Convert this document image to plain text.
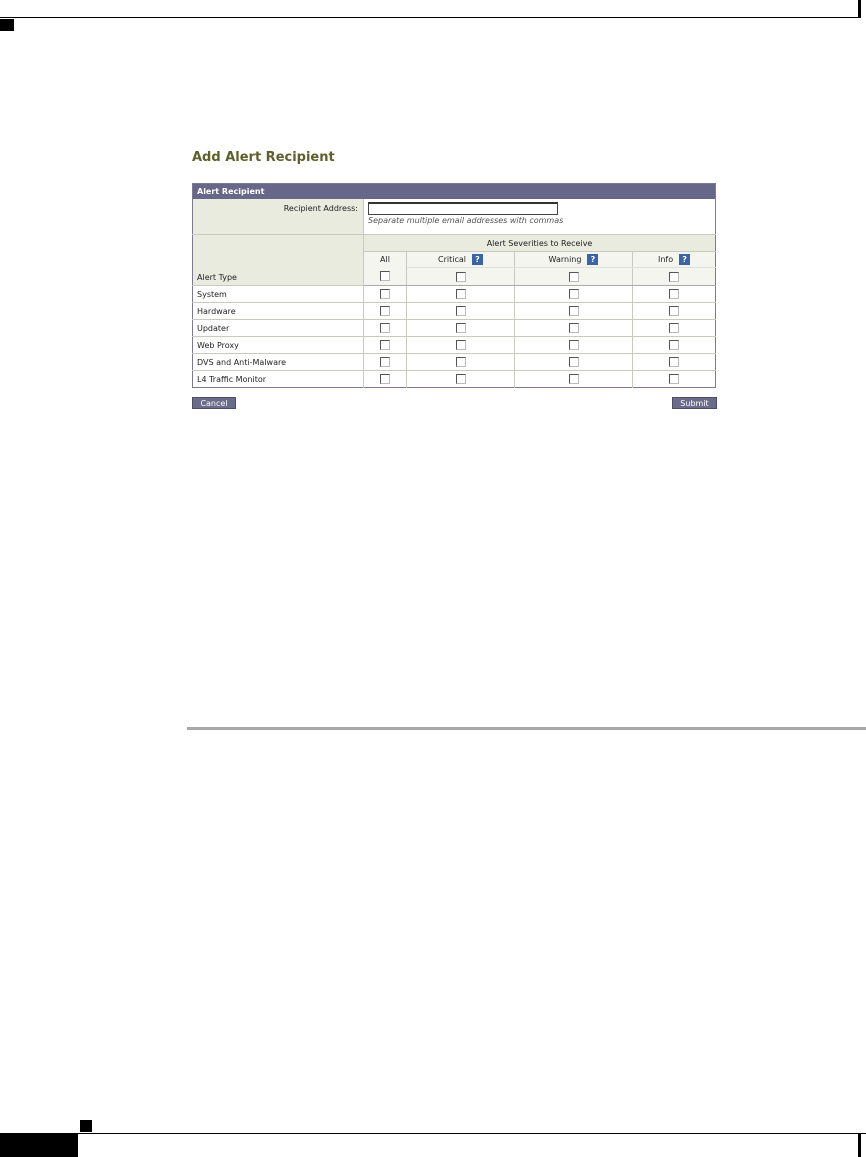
Add Alert Recipient
Alert Recipient				
Recipient Address:	Separate multiple email addresses with commas			

Alert Type	Alert Severities to Receive			
	All	Critical ?	Warning ?	Info ?

System				
Hardware				
Updater				
Web Proxy				
DVS and Anti-Malware				
L4 Traffic Monitor				
Cancel	Submit
